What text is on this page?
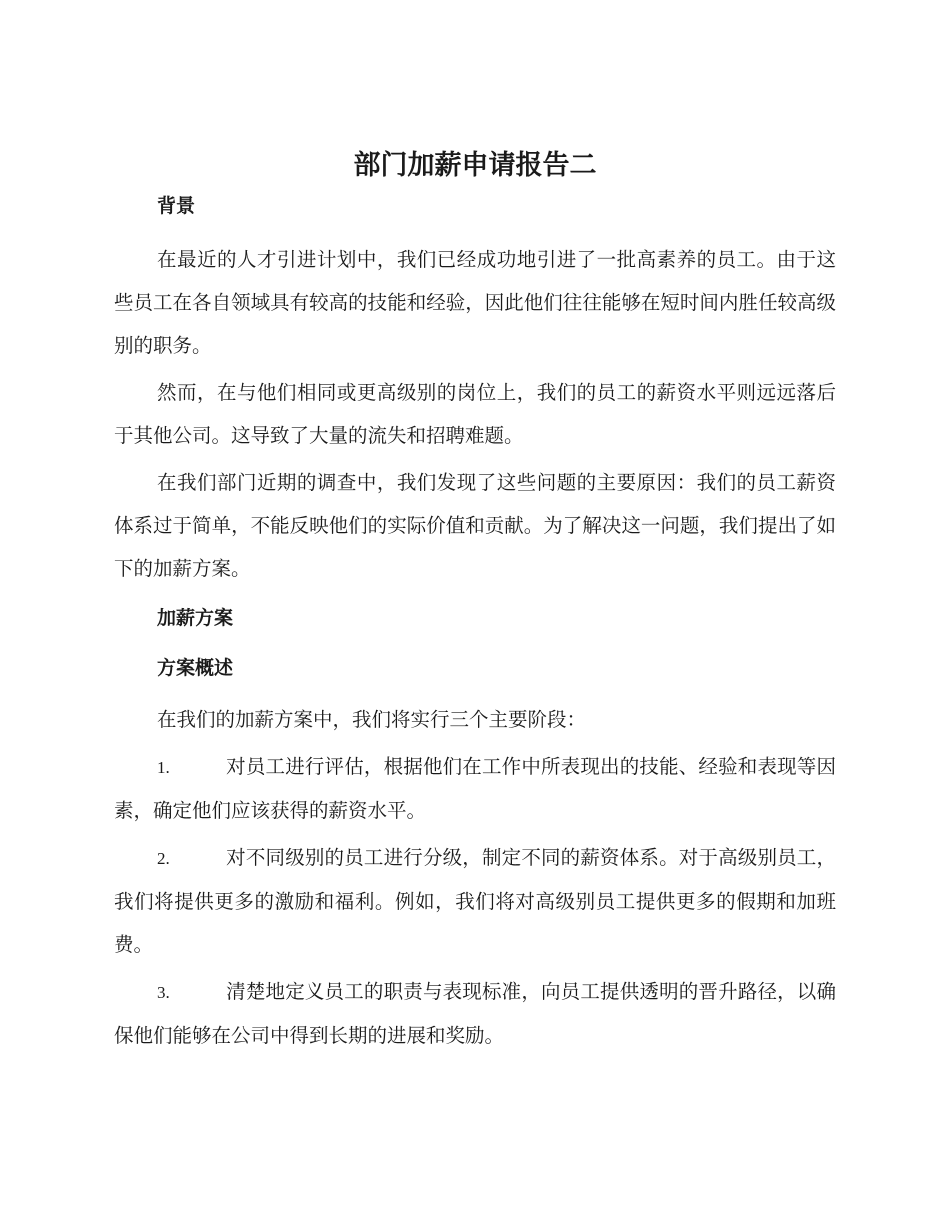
部门加薪申请报告二

背景

在最近的人才引进计划中，我们已经成功地引进了一批高素养的员工。由于这些员工在各自领域具有较高的技能和经验，因此他们往往能够在短时间内胜任较高级别的职务。

然而，在与他们相同或更高级别的岗位上，我们的员工的薪资水平则远远落后于其他公司。这导致了大量的流失和招聘难题。

在我们部门近期的调查中，我们发现了这些问题的主要原因：我们的员工薪资体系过于简单，不能反映他们的实际价值和贡献。为了解决这一问题，我们提出了如下的加薪方案。

加薪方案

方案概述

在我们的加薪方案中，我们将实行三个主要阶段：

1.	对员工进行评估，根据他们在工作中所表现出的技能、经验和表现等因素，确定他们应该获得的薪资水平。

2.	对不同级别的员工进行分级，制定不同的薪资体系。对于高级别员工，我们将提供更多的激励和福利。例如，我们将对高级别员工提供更多的假期和加班费。

3.	清楚地定义员工的职责与表现标准，向员工提供透明的晋升路径，以确保他们能够在公司中得到长期的进展和奖励。
